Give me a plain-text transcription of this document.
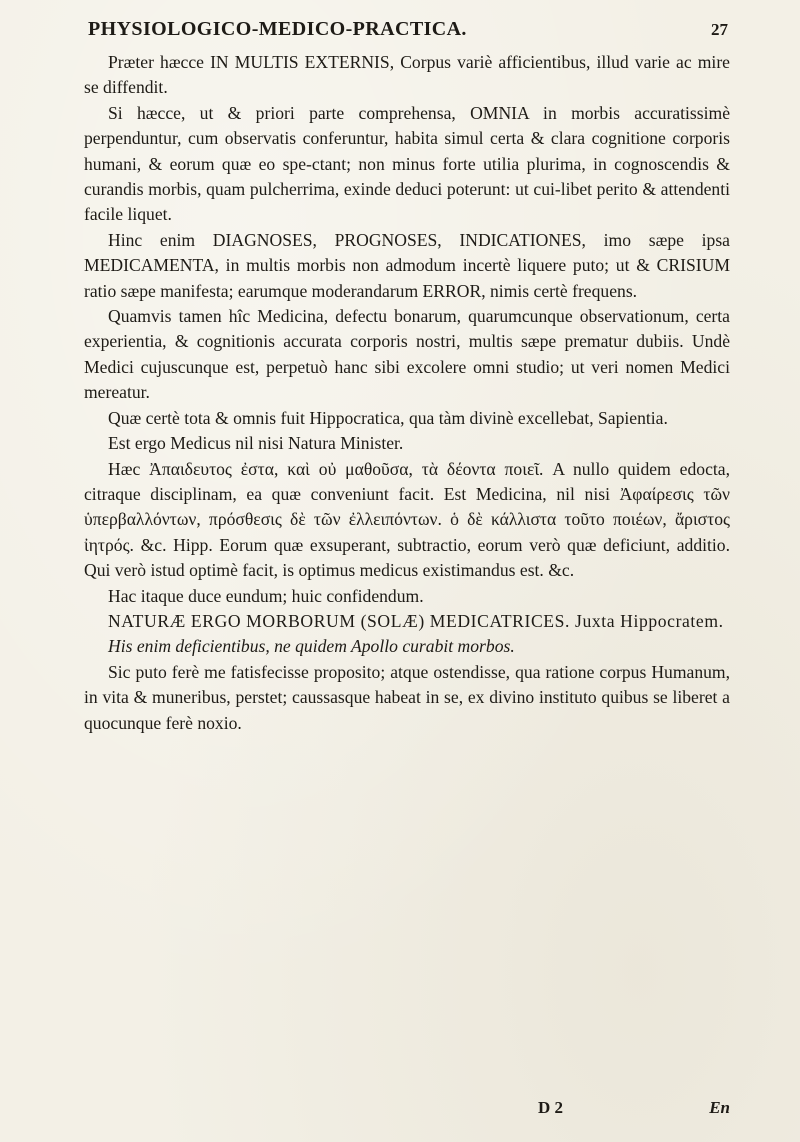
PHYSIOLOGICO-MEDICO-PRACTICA.	27

Præter hæcce IN MULTIS EXTERNIS, Corpus variè afficientibus, illud varie ac mire se diffendit.

Si hæcce, ut & priori parte comprehensa, OMNIA in morbis accuratissimè perpenduntur, cum observatis conferuntur, habita simul certa & clara cognitione corporis humani, & eorum quæ eo spe-ctant; non minus forte utilia plurima, in cognoscendis & curandis morbis, quam pulcherrima, exinde deduci poterunt: ut cui-libet perito & attendenti facile liquet.

Hinc enim DIAGNOSES, PROGNOSES, INDICATIONES, imo sæpe ipsa MEDICAMENTA, in multis morbis non admodum incertè liquere puto; ut & CRISIUM ratio sæpe manifesta; earumque moderandarum ERROR, nimis certè frequens.

Quamvis tamen hîc Medicina, defectu bonarum, quarumcunque observationum, certa experientia, & cognitionis accurata corporis nostri, multis sæpe prematur dubiis. Undè Medici cujuscunque est, perpetuò hanc sibi excolere omni studio; ut veri nomen Medici mereatur.

Quæ certè tota & omnis fuit Hippocratica, qua tàm divinè excellebat, Sapientia.

Est ergo Medicus nil nisi Natura Minister.

Hæc Ἀπαιδευτος ἐστα, καὶ οὐ μαθοῦσα, τὰ δέοντα ποιεῖ. A nullo quidem edocta, citraque disciplinam, ea quæ conveniunt facit. Est Medicina, nil nisi Ἀφαίρεσις τῶν ὑπερβαλλόντων, πρόσθεσις δὲ τῶν ἐλλειπόντων. ὁ δὲ κάλλιστα τοῦτο ποιέων, ἄριστος ἰητρός. &c. Hipp. Eorum quæ exsuperant, subtractio, eorum verò quæ deficiunt, additio. Qui verò istud optimè facit, is optimus medicus existimandus est. &c.

Hac itaque duce eundum; huic confidendum.

NATURÆ ERGO MORBORUM (SOLÆ) MEDICATRICES. Juxta Hippocratem.

His enim deficientibus, ne quidem Apollo curabit morbos.

Sic puto ferè me fatisfecisse proposito; atque ostendisse, qua ratione corpus Humanum, in vita & muneribus, perstet; caussasque habeat in se, ex divino instituto quibus se liberet a quocunque ferè noxio.

D 2	En
